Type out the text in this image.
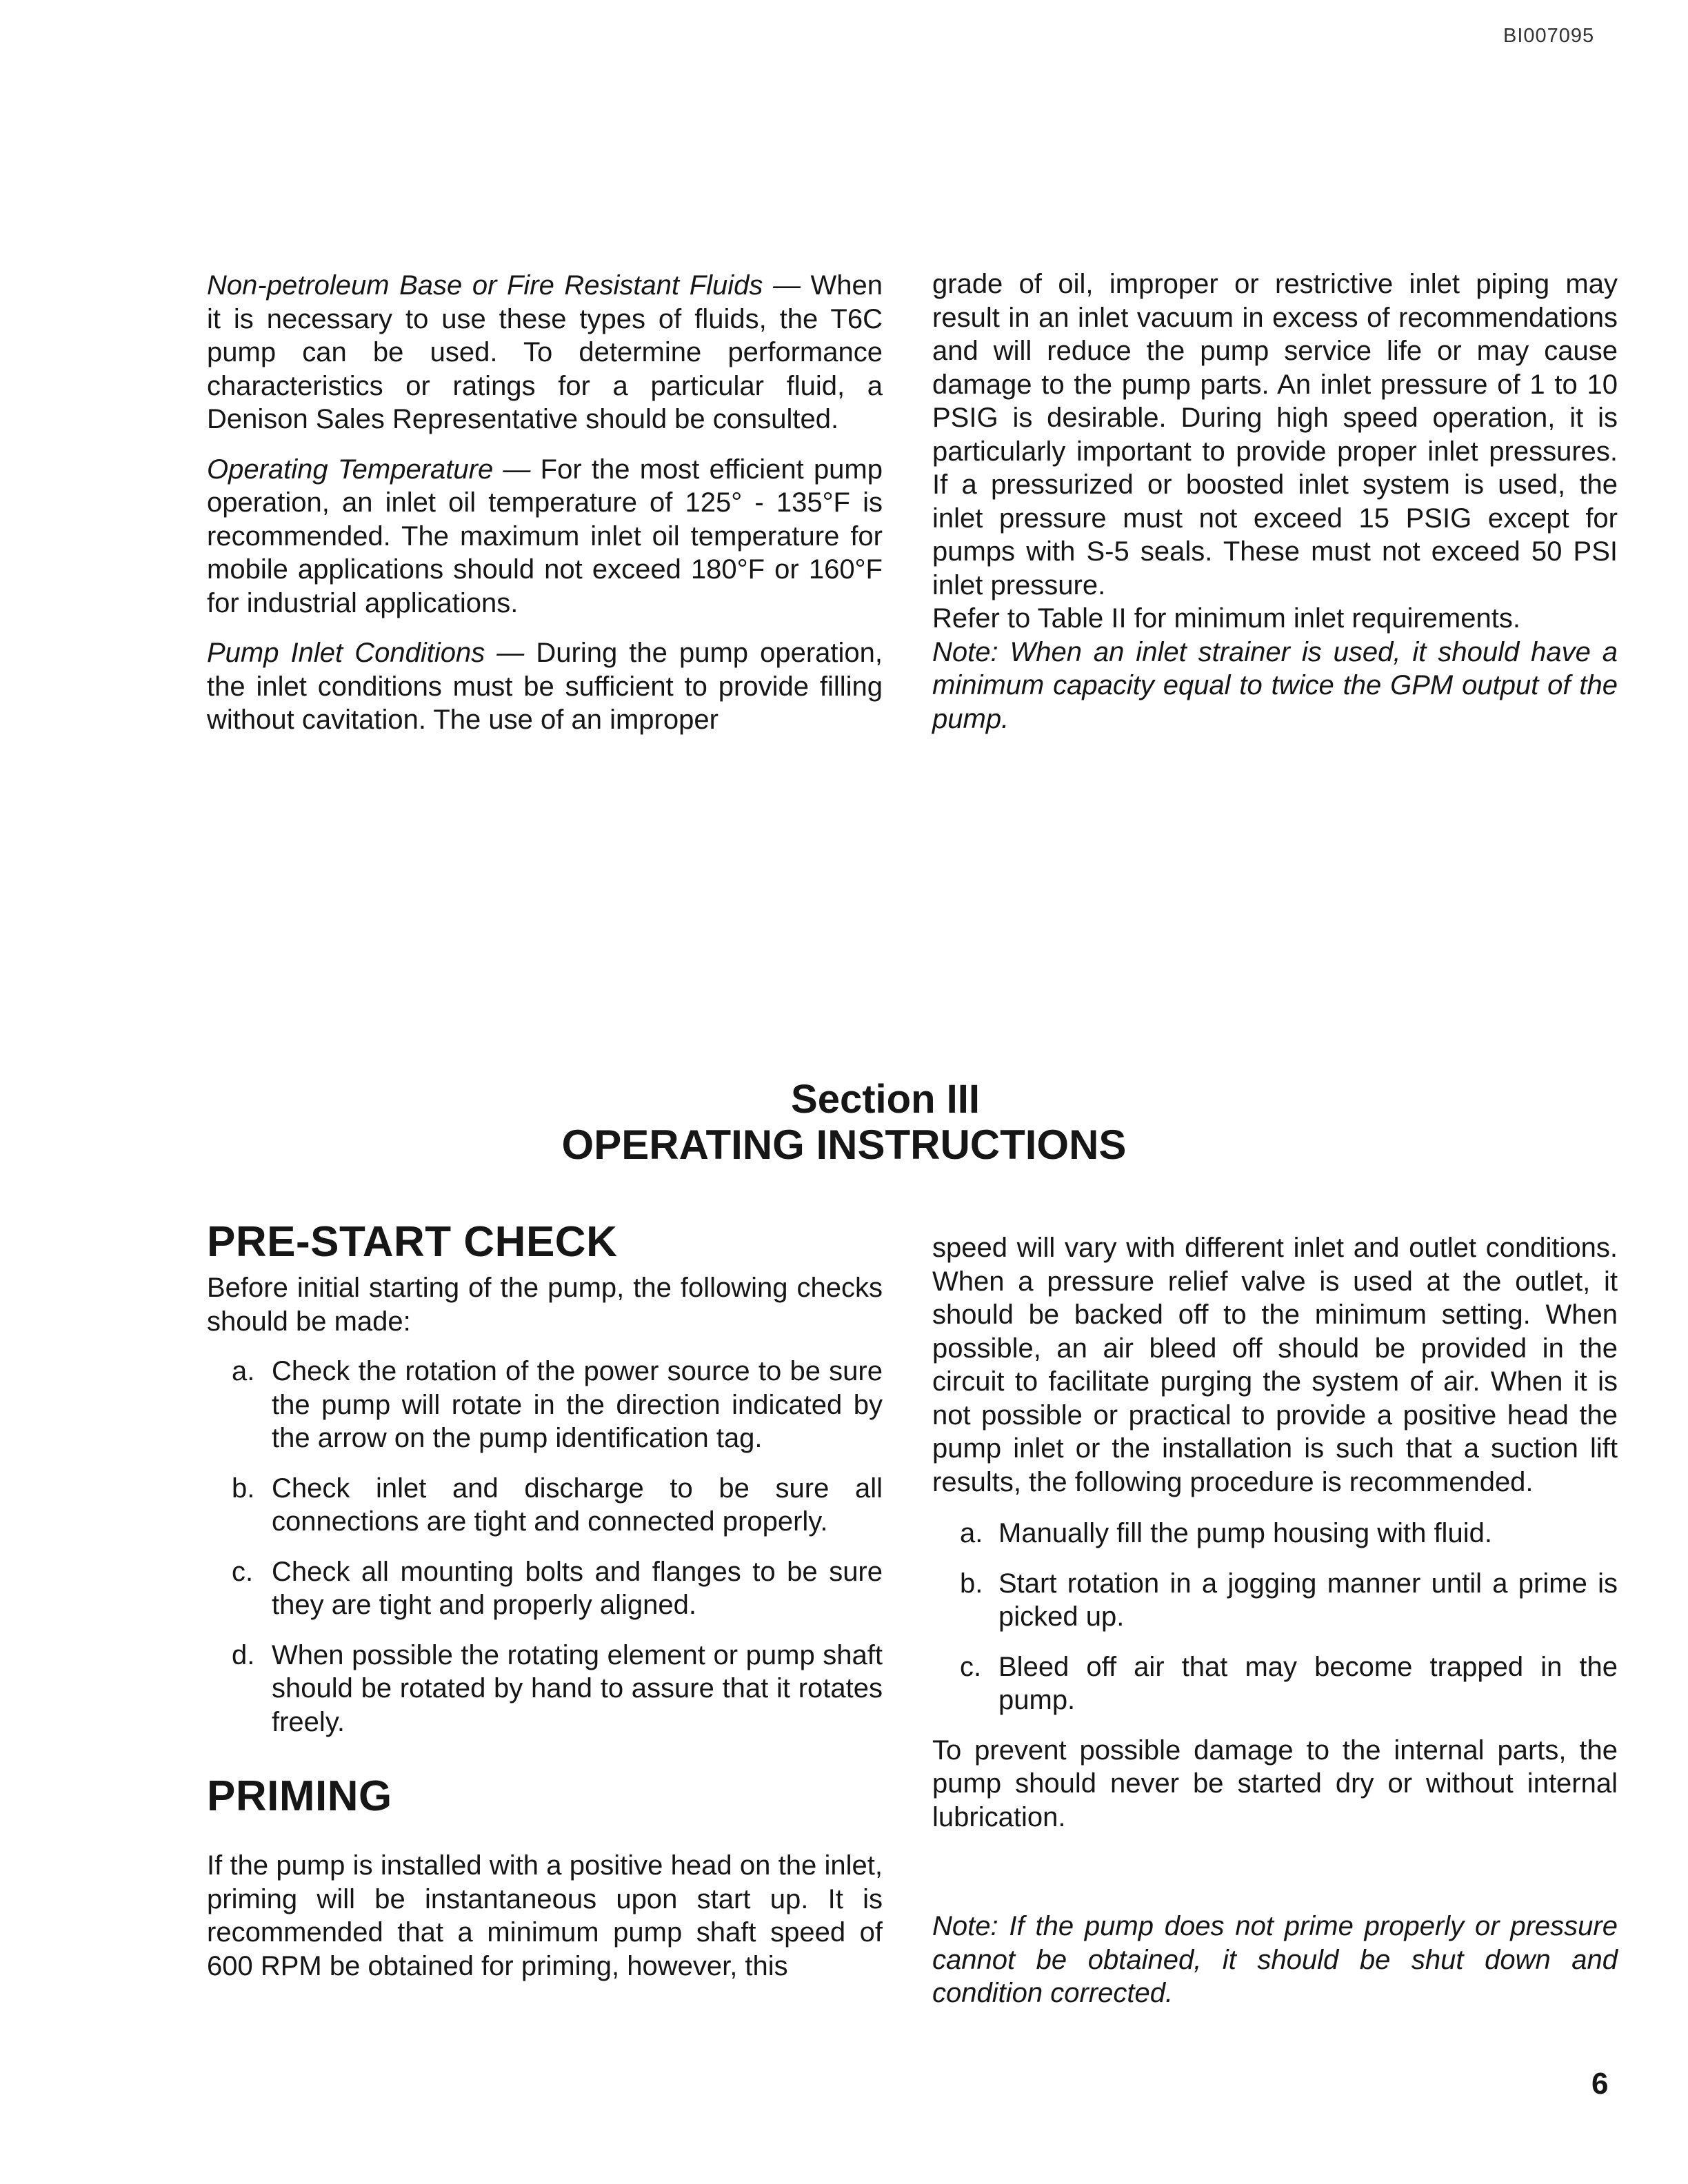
BI007095

Non-petroleum Base or Fire Resistant Fluids — When it is necessary to use these types of fluids, the T6C pump can be used. To determine performance characteristics or ratings for a particular fluid, a Denison Sales Representative should be consulted.

Operating Temperature — For the most efficient pump operation, an inlet oil temperature of 125° - 135°F is recommended. The maximum inlet oil temperature for mobile applications should not exceed 180°F or 160°F for industrial applications.

Pump Inlet Conditions — During the pump operation, the inlet conditions must be sufficient to provide filling without cavitation. The use of an improper

grade of oil, improper or restrictive inlet piping may result in an inlet vacuum in excess of recommendations and will reduce the pump service life or may cause damage to the pump parts. An inlet pressure of 1 to 10 PSIG is desirable. During high speed operation, it is particularly important to provide proper inlet pressures. If a pressurized or boosted inlet system is used, the inlet pressure must not exceed 15 PSIG except for pumps with S-5 seals. These must not exceed 50 PSI inlet pressure.

Refer to Table II for minimum inlet requirements.

Note: When an inlet strainer is used, it should have a minimum capacity equal to twice the GPM output of the pump.

Section III
OPERATING INSTRUCTIONS
PRE-START CHECK

Before initial starting of the pump, the following checks should be made:

a. Check the rotation of the power source to be sure the pump will rotate in the direction indicated by the arrow on the pump identification tag.
b. Check inlet and discharge to be sure all connections are tight and connected properly.
c. Check all mounting bolts and flanges to be sure they are tight and properly aligned.
d. When possible the rotating element or pump shaft should be rotated by hand to assure that it rotates freely.
PRIMING

If the pump is installed with a positive head on the inlet, priming will be instantaneous upon start up. It is recommended that a minimum pump shaft speed of 600 RPM be obtained for priming, however, this

speed will vary with different inlet and outlet conditions. When a pressure relief valve is used at the outlet, it should be backed off to the minimum setting. When possible, an air bleed off should be provided in the circuit to facilitate purging the system of air. When it is not possible or practical to provide a positive head the pump inlet or the installation is such that a suction lift results, the following procedure is recommended.

a. Manually fill the pump housing with fluid.
b. Start rotation in a jogging manner until a prime is picked up.
c. Bleed off air that may become trapped in the pump.

To prevent possible damage to the internal parts, the pump should never be started dry or without internal lubrication.

Note: If the pump does not prime properly or pressure cannot be obtained, it should be shut down and condition corrected.

6
